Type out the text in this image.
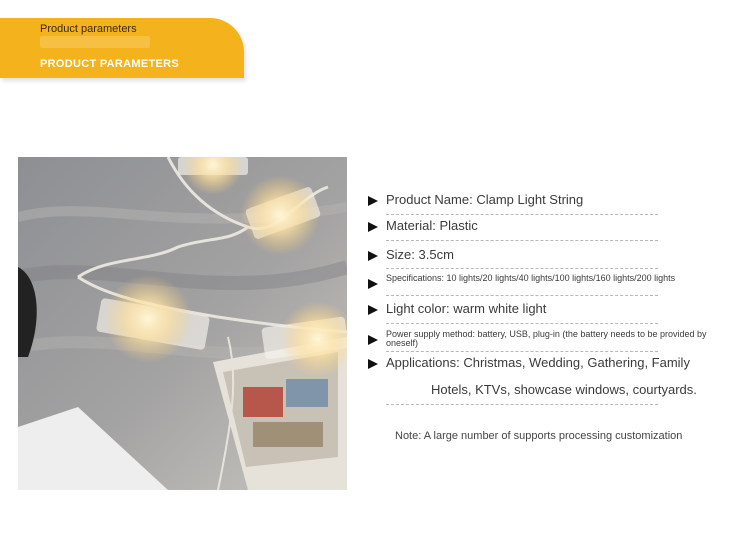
Product parameters
PRODUCT PARAMETERS
Product Name: Clamp Light String
Material: Plastic
Size: 3.5cm
Specifications: 10 lights/20 lights/40 lights/100 lights/160 lights/200 lights
Light color: warm white light
Power supply method: battery, USB, plug-in (the battery needs to be provided by oneself)
Applications: Christmas, Wedding, Gathering, Family
Hotels, KTVs, showcase windows, courtyards.
Note: A large number of supports processing customization
